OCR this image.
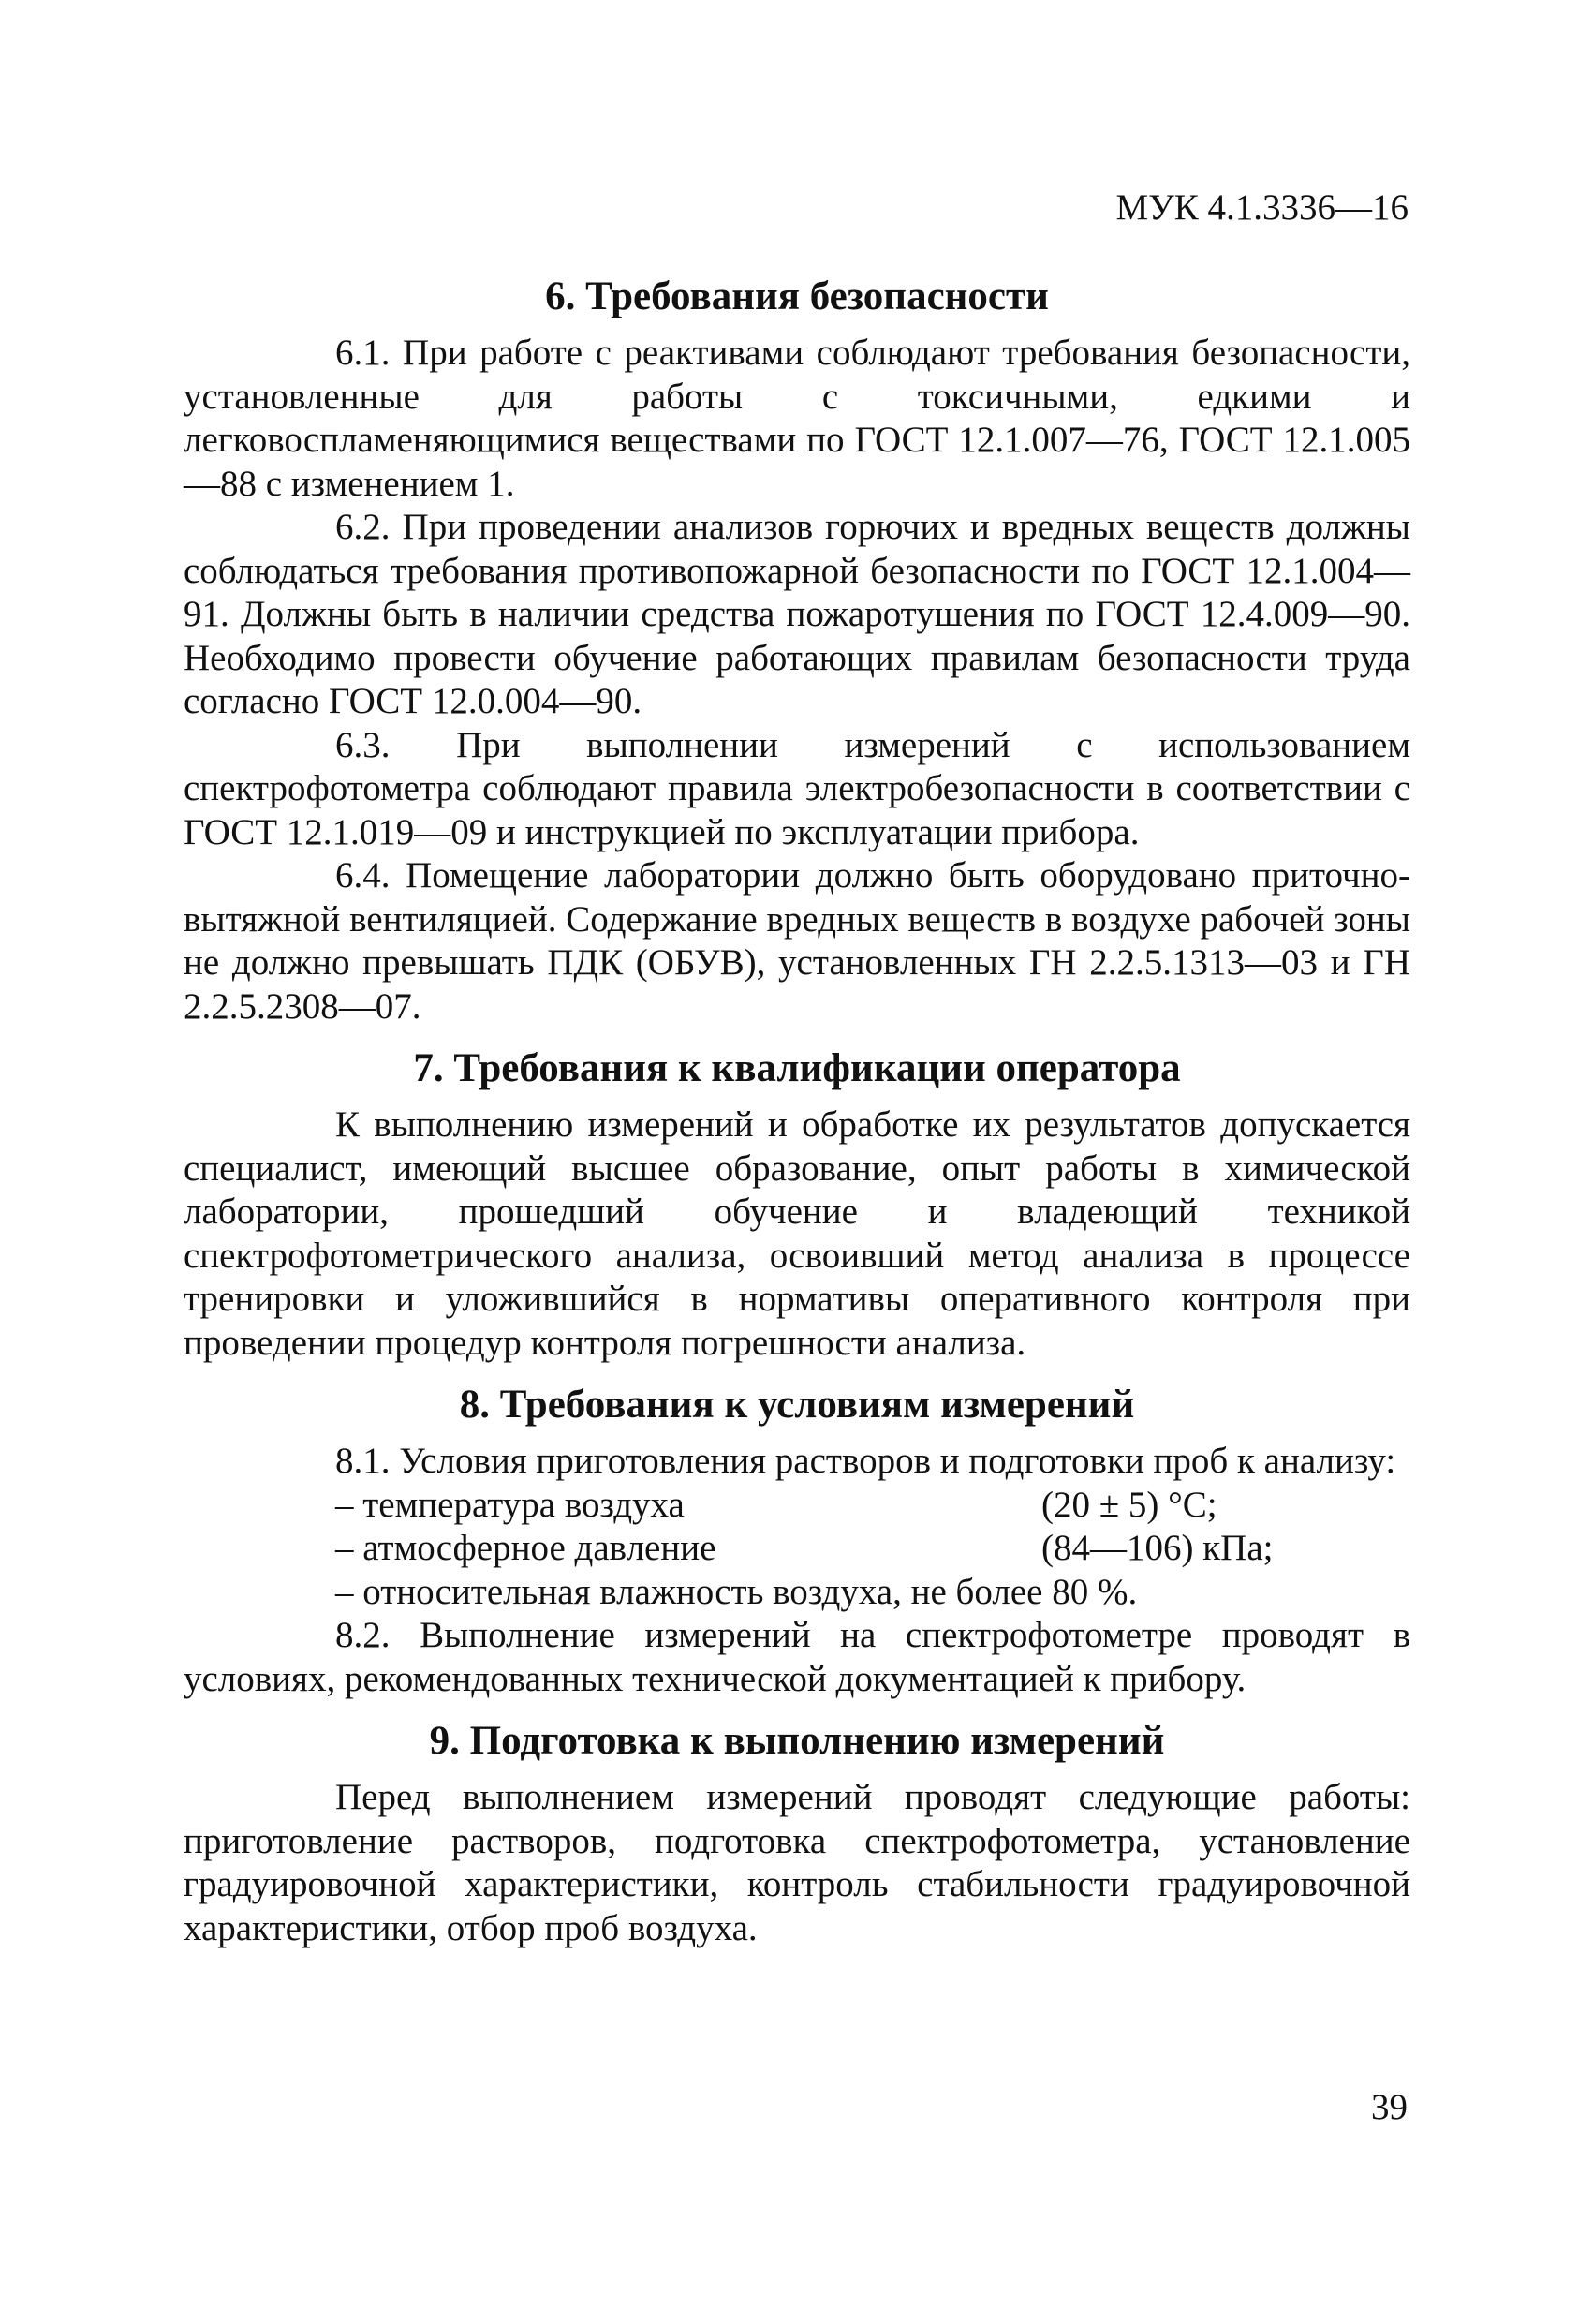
МУК 4.1.3336—16
6. Требования безопасности

6.1. При работе с реактивами соблюдают требования безопасности, установленные для работы с токсичными, едкими и легковоспламеняющимися веществами по ГОСТ 12.1.007—76, ГОСТ 12.1.005—88 с изменением 1.

6.2. При проведении анализов горючих и вредных веществ должны соблюдаться требования противопожарной безопасности по ГОСТ 12.1.004—91. Должны быть в наличии средства пожаротушения по ГОСТ 12.4.009—90. Необходимо провести обучение работающих правилам безопасности труда согласно ГОСТ 12.0.004—90.

6.3. При выполнении измерений с использованием спектрофотометра соблюдают правила электробезопасности в соответствии с ГОСТ 12.1.019—09 и инструкцией по эксплуатации прибора.

6.4. Помещение лаборатории должно быть оборудовано приточно-вытяжной вентиляцией. Содержание вредных веществ в воздухе рабочей зоны не должно превышать ПДК (ОБУВ), установленных ГН 2.2.5.1313—03 и ГН 2.2.5.2308—07.

7. Требования к квалификации оператора

К выполнению измерений и обработке их результатов допускается специалист, имеющий высшее образование, опыт работы в химической лаборатории, прошедший обучение и владеющий техникой спектрофотометрического анализа, освоивший метод анализа в процессе тренировки и уложившийся в нормативы оперативного контроля при проведении процедур контроля погрешности анализа.

8. Требования к условиям измерений

8.1. Условия приготовления растворов и подготовки проб к анализу:

– температура воздуха	(20 ± 5) °C;
– атмосферное давление	(84—106) кПа;
– относительная влажность воздуха, не более 80 %.

8.2. Выполнение измерений на спектрофотометре проводят в условиях, рекомендованных технической документацией к прибору.

9. Подготовка к выполнению измерений

Перед выполнением измерений проводят следующие работы: приготовление растворов, подготовка спектрофотометра, установление градуировочной характеристики, контроль стабильности градуировочной характеристики, отбор проб воздуха.

39
